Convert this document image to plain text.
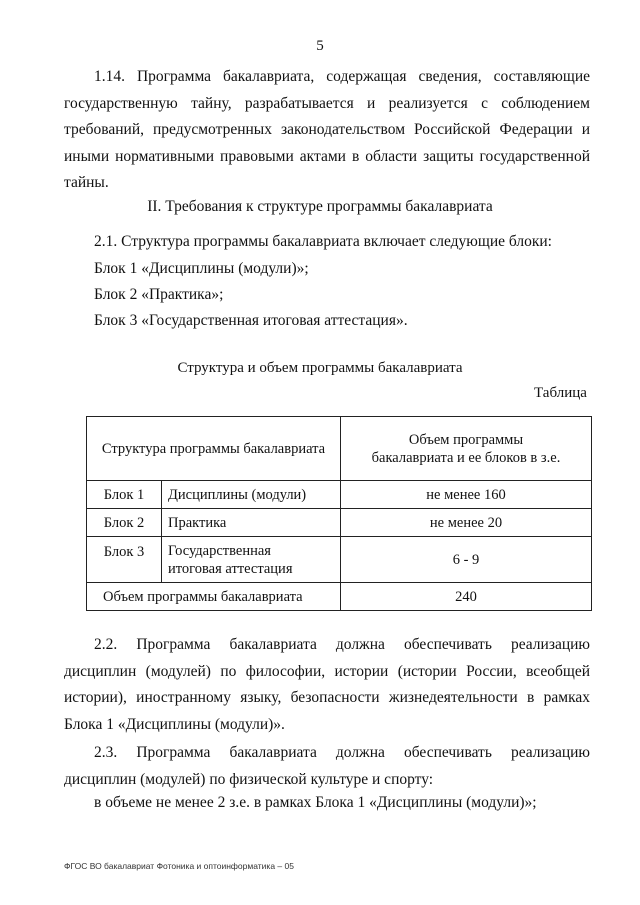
5
1.14. Программа бакалавриата, содержащая сведения, составляющие государственную тайну, разрабатывается и реализуется с соблюдением требований, предусмотренных законодательством Российской Федерации и иными нормативными правовыми актами в области защиты государственной тайны.
II. Требования к структуре программы бакалавриата
2.1. Структура программы бакалавриата включает следующие блоки:
Блок 1 «Дисциплины (модули)»;
Блок 2 «Практика»;
Блок 3 «Государственная итоговая аттестация».
Структура и объем программы бакалавриата
Таблица
Структура программы бакалавриата		Объем программы бакалавриата и ее блоков в з.е.
Блок 1	Дисциплины (модули)	не менее 160
Блок 2	Практика	не менее 20
Блок 3	Государственная итоговая аттестация	6 - 9
Объем программы бакалавриата		240
2.2. Программа бакалавриата должна обеспечивать реализацию дисциплин (модулей) по философии, истории (истории России, всеобщей истории), иностранному языку, безопасности жизнедеятельности в рамках Блока 1 «Дисциплины (модули)».
2.3. Программа бакалавриата должна обеспечивать реализацию дисциплин (модулей) по физической культуре и спорту:
в объеме не менее 2 з.е. в рамках Блока 1 «Дисциплины (модули)»;
ФГОС ВО бакалавриат Фотоника и оптоинформатика – 05
